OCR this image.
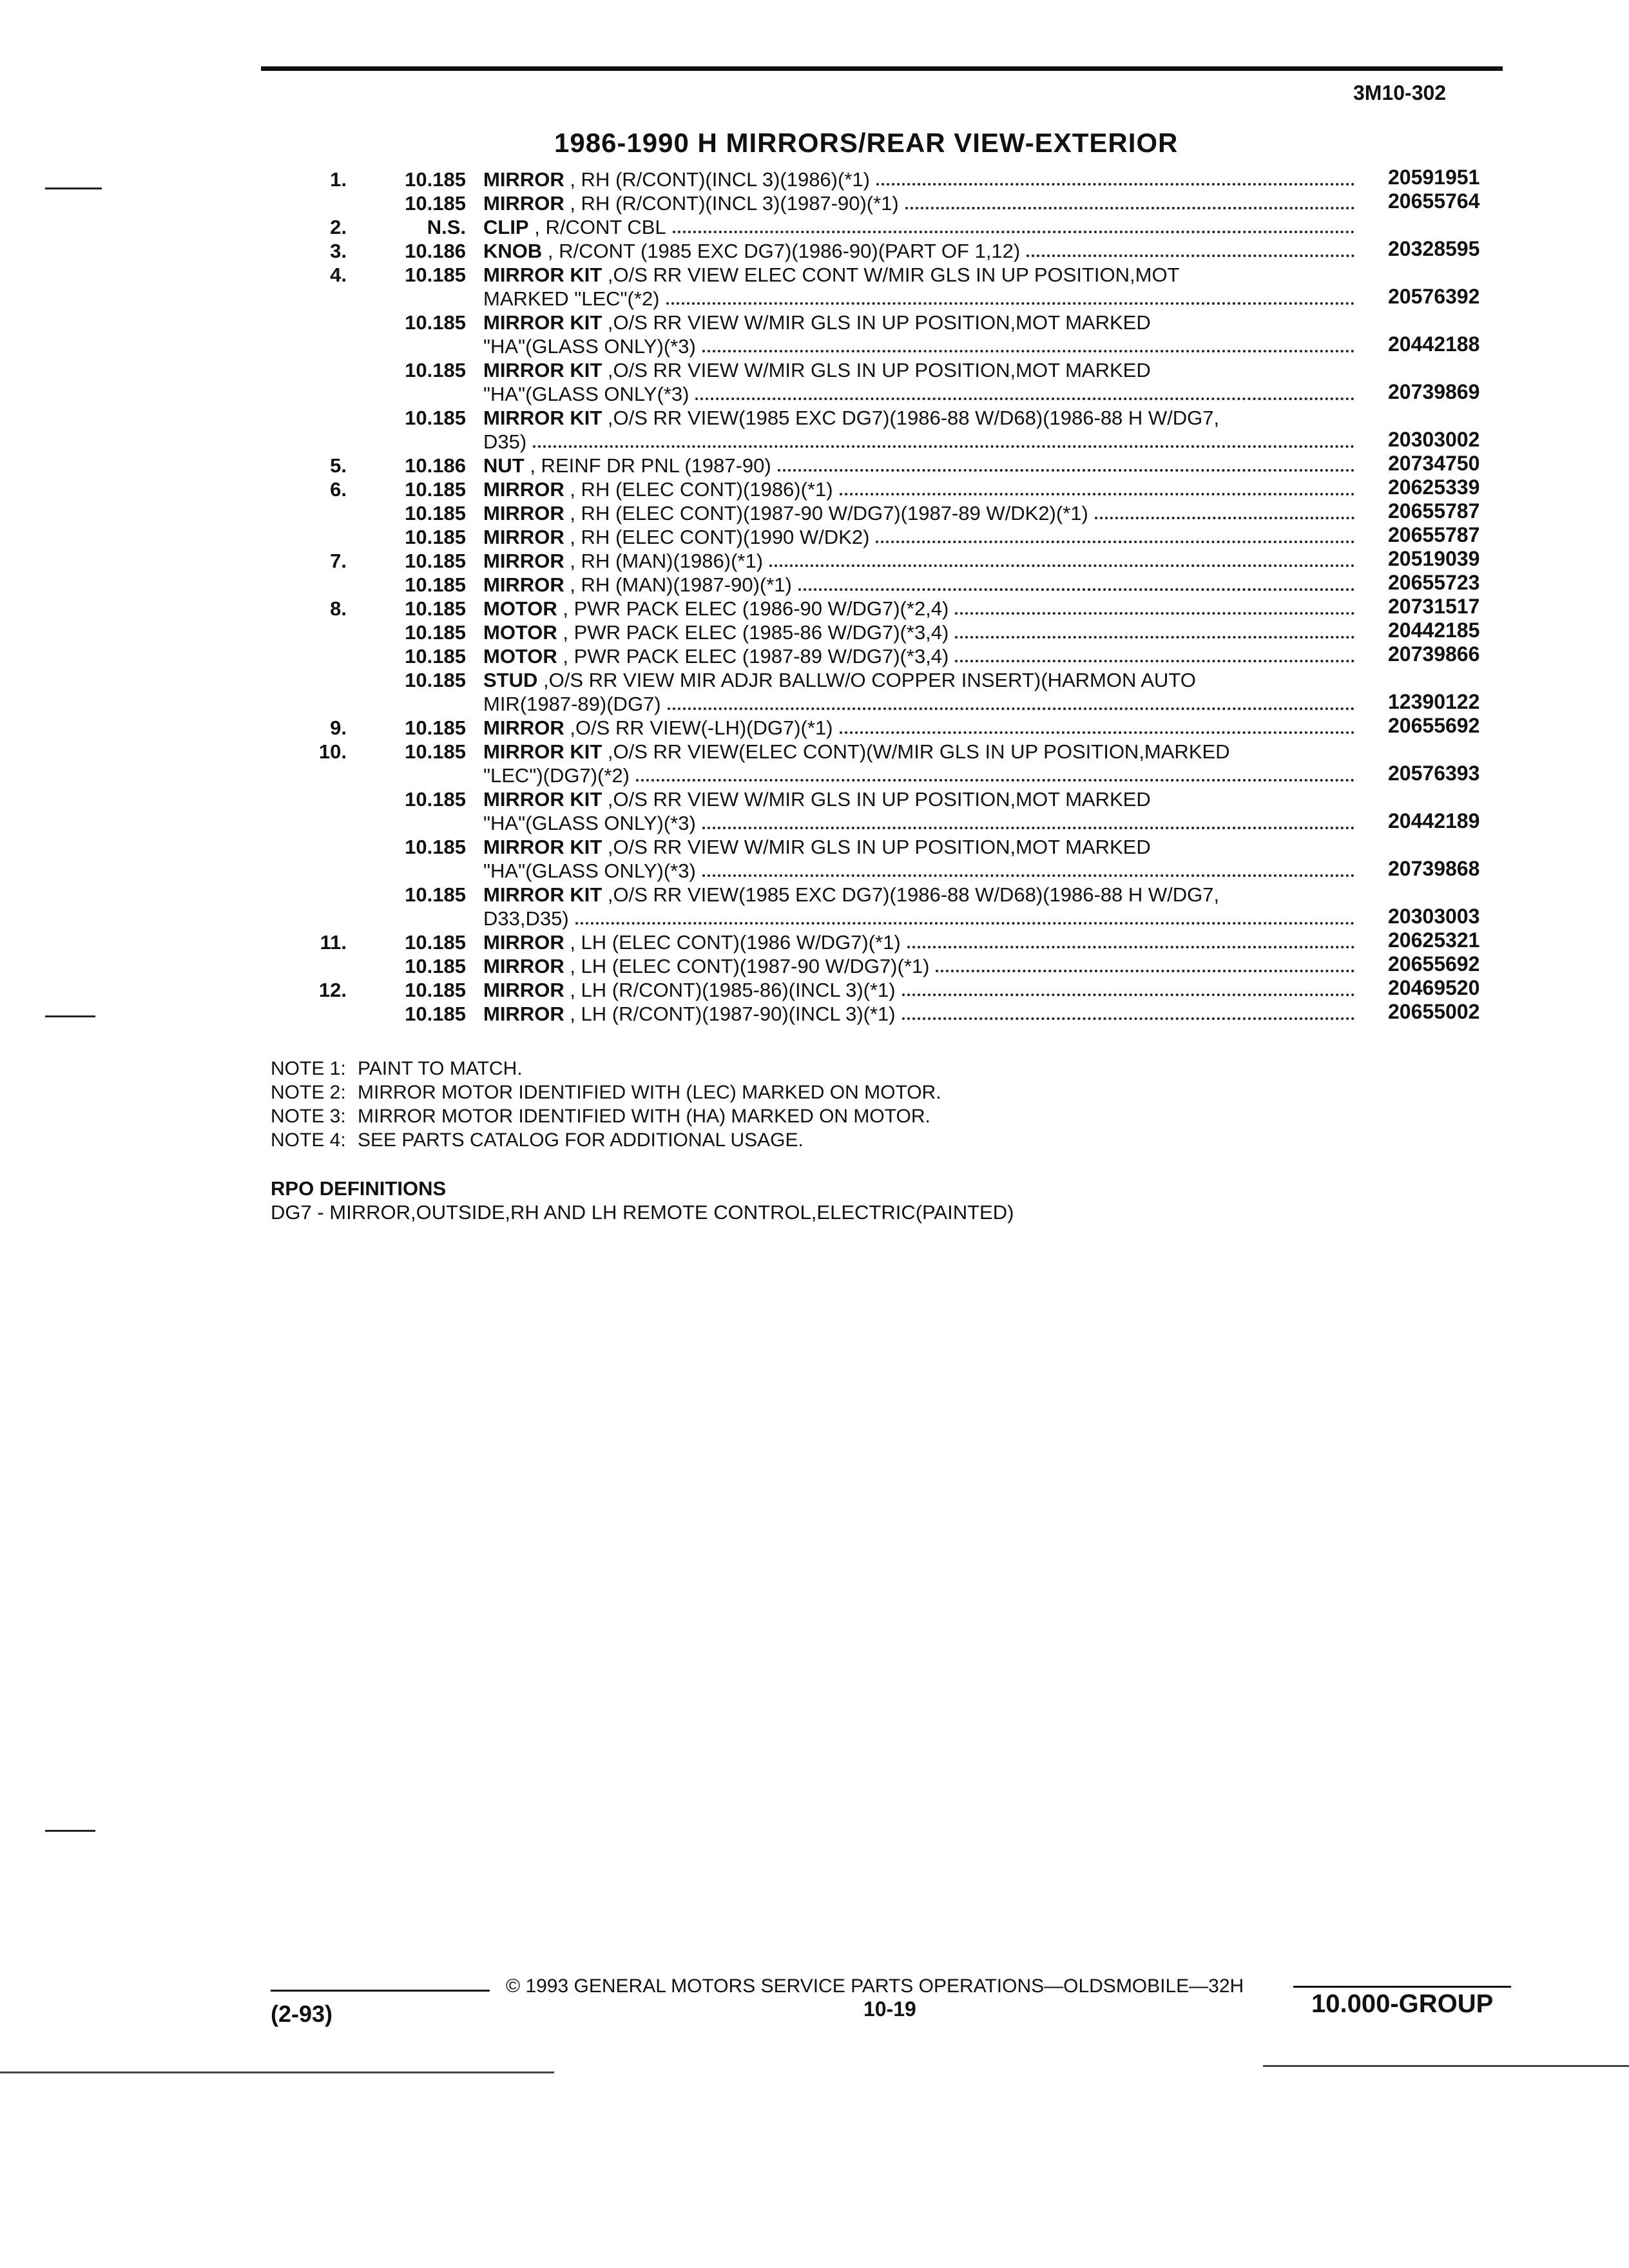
3M10-302
1986-1990 H MIRRORS/REAR VIEW-EXTERIOR
1.	10.185 MIRROR , RH (R/CONT)(INCL 3)(1986)(*1)	20591951
10.185 MIRROR , RH (R/CONT)(INCL 3)(1987-90)(*1)	20655764
2.	N.S. CLIP , R/CONT CBL
3.	10.186 KNOB , R/CONT (1985 EXC DG7)(1986-90)(PART OF 1,12)	20328595
4.	10.185 MIRROR KIT ,O/S RR VIEW ELEC CONT W/MIR GLS IN UP POSITION,MOT
MARKED "LEC"(*2)	20576392
10.185 MIRROR KIT ,O/S RR VIEW W/MIR GLS IN UP POSITION,MOT MARKED
"HA"(GLASS ONLY)(*3)	20442188
10.185 MIRROR KIT ,O/S RR VIEW W/MIR GLS IN UP POSITION,MOT MARKED
"HA"(GLASS ONLY(*3)	20739869
10.185 MIRROR KIT ,O/S RR VIEW(1985 EXC DG7)(1986-88 W/D68)(1986-88 H W/DG7,
D35)	20303002
5.	10.186 NUT , REINF DR PNL (1987-90)	20734750
6.	10.185 MIRROR , RH (ELEC CONT)(1986)(*1)	20625339
10.185 MIRROR , RH (ELEC CONT)(1987-90 W/DG7)(1987-89 W/DK2)(*1)	20655787
10.185 MIRROR , RH (ELEC CONT)(1990 W/DK2)	20655787
7.	10.185 MIRROR , RH (MAN)(1986)(*1)	20519039
10.185 MIRROR , RH (MAN)(1987-90)(*1)	20655723
8.	10.185 MOTOR , PWR PACK ELEC (1986-90 W/DG7)(*2,4)	20731517
10.185 MOTOR , PWR PACK ELEC (1985-86 W/DG7)(*3,4)	20442185
10.185 MOTOR , PWR PACK ELEC (1987-89 W/DG7)(*3,4)	20739866
10.185 STUD ,O/S RR VIEW MIR ADJR BALLW/O COPPER INSERT)(HARMON AUTO
MIR(1987-89)(DG7)	12390122
9.	10.185 MIRROR ,O/S RR VIEW(-LH)(DG7)(*1)	20655692
10.	10.185 MIRROR KIT ,O/S RR VIEW(ELEC CONT)(W/MIR GLS IN UP POSITION,MARKED
"LEC")(DG7)(*2)	20576393
10.185 MIRROR KIT ,O/S RR VIEW W/MIR GLS IN UP POSITION,MOT MARKED
"HA"(GLASS ONLY)(*3)	20442189
10.185 MIRROR KIT ,O/S RR VIEW W/MIR GLS IN UP POSITION,MOT MARKED
"HA"(GLASS ONLY)(*3)	20739868
10.185 MIRROR KIT ,O/S RR VIEW(1985 EXC DG7)(1986-88 W/D68)(1986-88 H W/DG7,
D33,D35)	20303003
11.	10.185 MIRROR , LH (ELEC CONT)(1986 W/DG7)(*1)	20625321
10.185 MIRROR , LH (ELEC CONT)(1987-90 W/DG7)(*1)	20655692
12.	10.185 MIRROR , LH (R/CONT)(1985-86)(INCL 3)(*1)	20469520
10.185 MIRROR , LH (R/CONT)(1987-90)(INCL 3)(*1)	20655002
NOTE 1: PAINT TO MATCH.
NOTE 2: MIRROR MOTOR IDENTIFIED WITH (LEC) MARKED ON MOTOR.
NOTE 3: MIRROR MOTOR IDENTIFIED WITH (HA) MARKED ON MOTOR.
NOTE 4: SEE PARTS CATALOG FOR ADDITIONAL USAGE.
RPO DEFINITIONS
DG7 - MIRROR,OUTSIDE,RH AND LH REMOTE CONTROL,ELECTRIC(PAINTED)
© 1993 GENERAL MOTORS SERVICE PARTS OPERATIONS—OLDSMOBILE—32H
(2-93)	10-19	10.000-GROUP
